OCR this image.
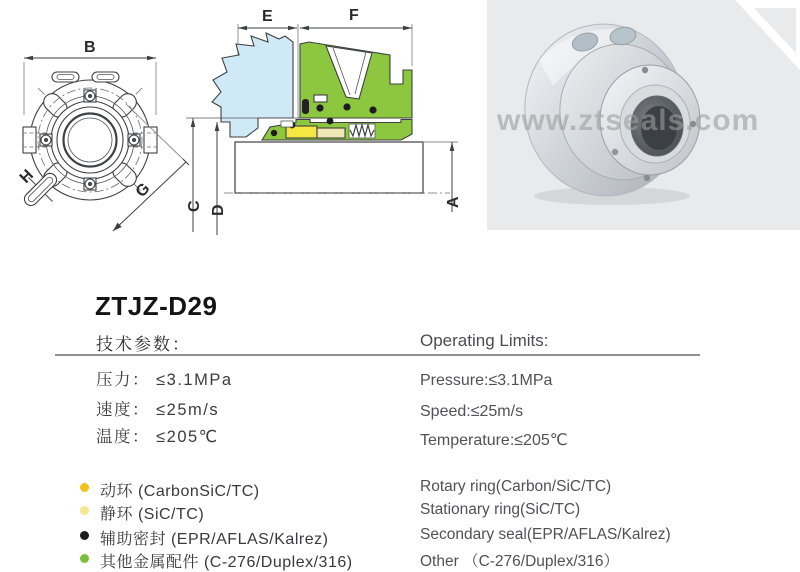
B
H
G
E	F
C D
A
www.ztseals.com
ZTJZ-D29
技术参数：	Operating Limits:
压力： ≤3.1MPa	Pressure:≤3.1MPa
速度： ≤25m/s	Speed:≤25m/s
温度： ≤205℃	Temperature:≤205℃
动环 (CarbonSiC/TC)	Rotary ring(Carbon/SiC/TC)
静环 (SiC/TC)	Stationary ring(SiC/TC)
辅助密封 (EPR/AFLAS/Kalrez)	Secondary seal(EPR/AFLAS/Kalrez)
其他金属配件 (C-276/Duplex/316)	Other （C-276/Duplex/316）
